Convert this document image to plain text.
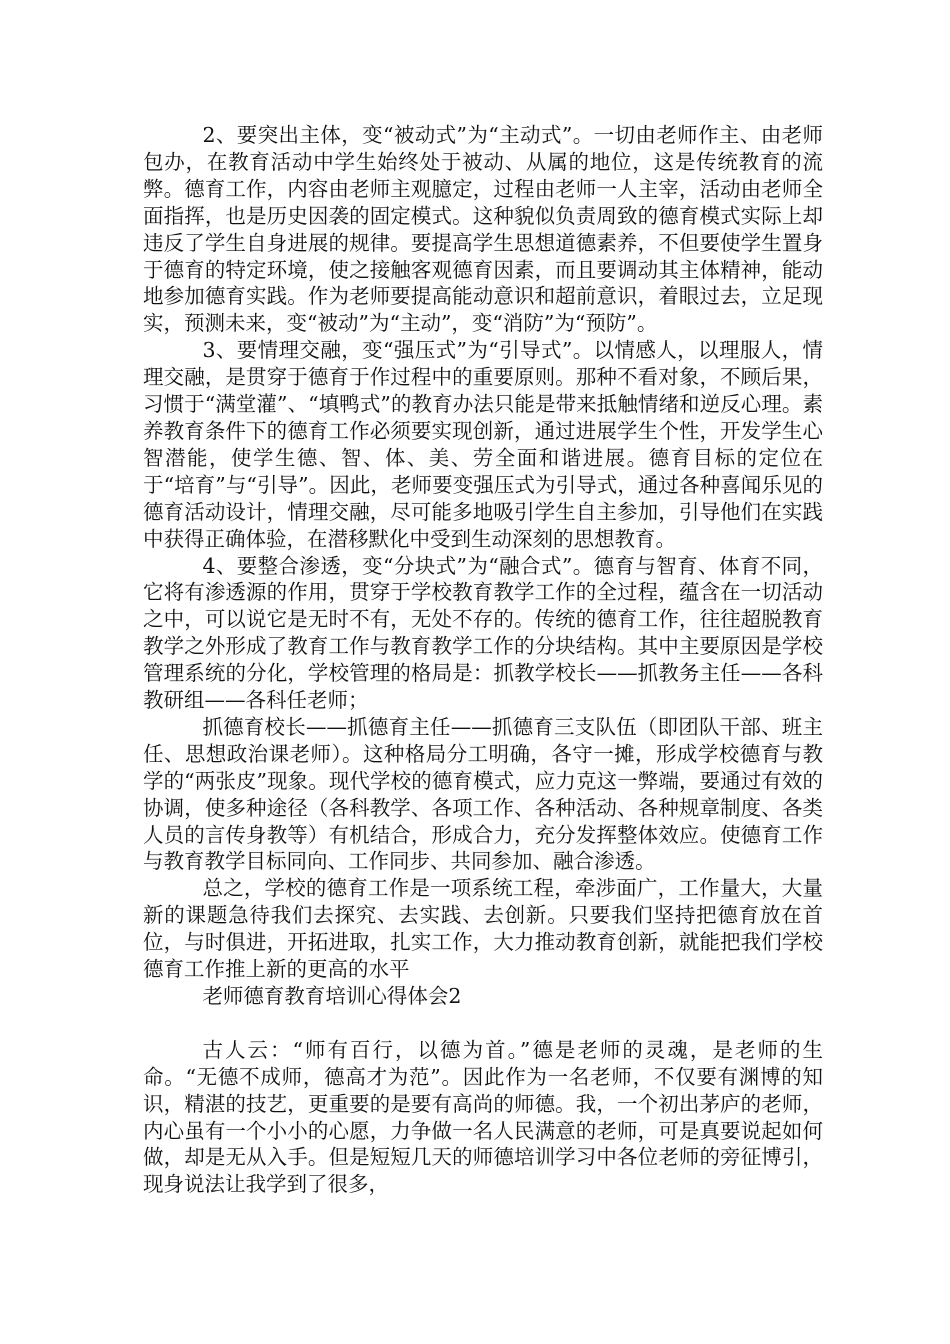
2、要突出主体，变“被动式”为“主动式”。一切由老师作主、由老师包办，在教育活动中学生始终处于被动、从属的地位，这是传统教育的流弊。德育工作，内容由老师主观臆定，过程由老师一人主宰，活动由老师全面指挥，也是历史因袭的固定模式。这种貌似负责周致的德育模式实际上却违反了学生自身进展的规律。要提高学生思想道德素养，不但要使学生置身于德育的特定环境，使之接触客观德育因素，而且要调动其主体精神，能动地参加德育实践。作为老师要提高能动意识和超前意识，着眼过去，立足现实，预测未来，变“被动”为“主动”，变“消防”为“预防”。

3、要情理交融，变“强压式”为“引导式”。以情感人，以理服人，情理交融，是贯穿于德育于作过程中的重要原则。那种不看对象，不顾后果，习惯于“满堂灌”、“填鸭式”的教育办法只能是带来抵触情绪和逆反心理。素养教育条件下的德育工作必须要实现创新，通过进展学生个性，开发学生心智潜能，使学生德、智、体、美、劳全面和谐进展。德育目标的定位在于“培育”与“引导”。因此，老师要变强压式为引导式，通过各种喜闻乐见的德育活动设计，情理交融，尽可能多地吸引学生自主参加，引导他们在实践中获得正确体验，在潜移默化中受到生动深刻的思想教育。

4、要整合渗透，变“分块式”为“融合式”。德育与智育、体育不同，它将有渗透源的作用，贯穿于学校教育教学工作的全过程，蕴含在一切活动之中，可以说它是无时不有，无处不存的。传统的德育工作，往往超脱教育教学之外形成了教育工作与教育教学工作的分块结构。其中主要原因是学校管理系统的分化，学校管理的格局是：抓教学校长——抓教务主任——各科教研组——各科任老师；

抓德育校长——抓德育主任——抓德育三支队伍（即团队干部、班主任、思想政治课老师）。这种格局分工明确，各守一摊，形成学校德育与教学的“两张皮”现象。现代学校的德育模式，应力克这一弊端，要通过有效的协调，使多种途径（各科教学、各项工作、各种活动、各种规章制度、各类人员的言传身教等）有机结合，形成合力，充分发挥整体效应。使德育工作与教育教学目标同向、工作同步、共同参加、融合渗透。

总之，学校的德育工作是一项系统工程，牵涉面广，工作量大，大量新的课题急待我们去探究、去实践、去创新。只要我们坚持把德育放在首位，与时俱进，开拓进取，扎实工作，大力推动教育创新，就能把我们学校德育工作推上新的更高的水平

老师德育教育培训心得体会2

古人云：“师有百行，以德为首。”德是老师的灵魂，是老师的生命。“无德不成师，德高才为范”。因此作为一名老师，不仅要有渊博的知识，精湛的技艺，更重要的是要有高尚的师德。我，一个初出茅庐的老师，内心虽有一个小小的心愿，力争做一名人民满意的老师，可是真要说起如何做，却是无从入手。但是短短几天的师德培训学习中各位老师的旁征博引，现身说法让我学到了很多，
